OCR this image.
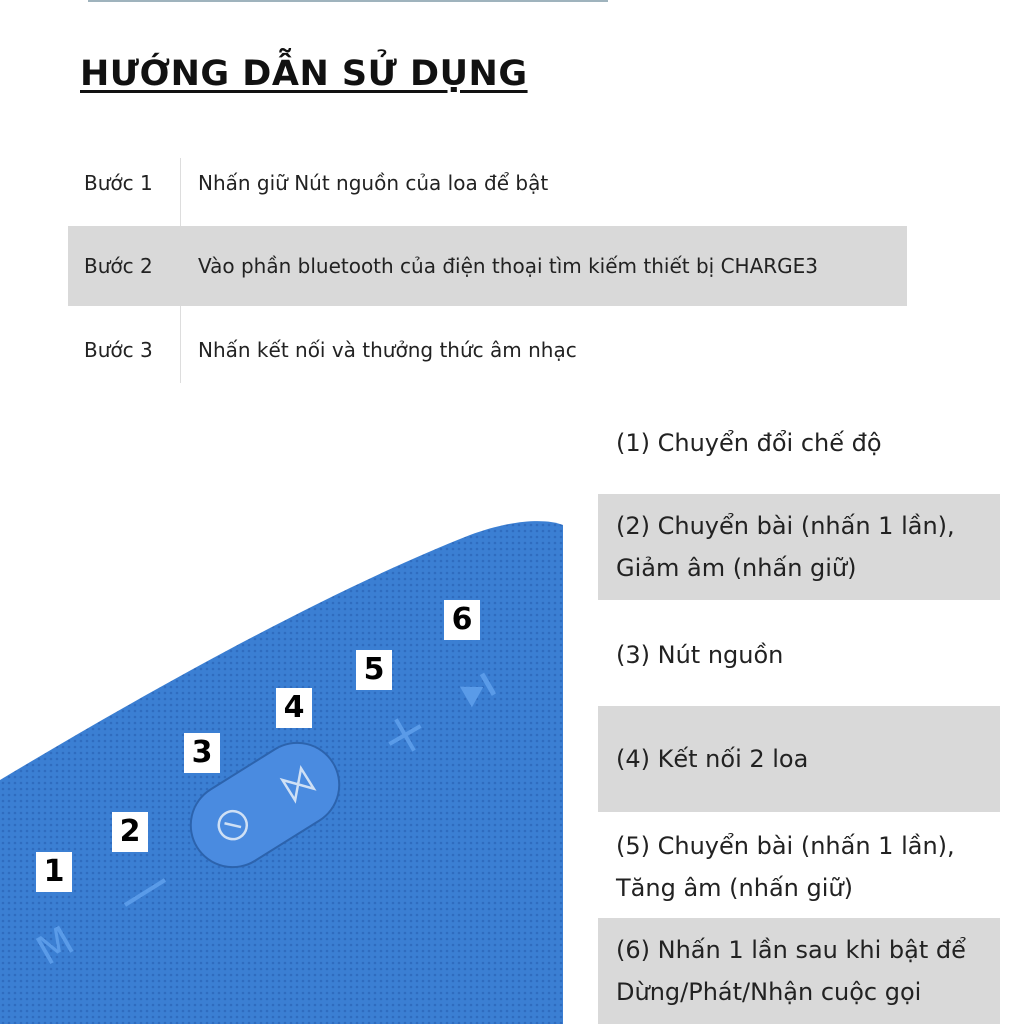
HƯỚNG DẪN SỬ DỤNG
Bước 1 Nhấn giữ Nút nguồn của loa để bật
Bước 2 Vào phần bluetooth của điện thoại tìm kiếm thiết bị CHARGE3
Bước 3 Nhấn kết nối và thưởng thức âm nhạc
M
1
2
3
4
5
6
(1) Chuyển đổi chế độ
(2) Chuyển bài (nhấn 1 lần),
Giảm âm (nhấn giữ)
(3) Nút nguồn
(4) Kết nối 2 loa
(5) Chuyển bài (nhấn 1 lần),
Tăng âm (nhấn giữ)
(6) Nhấn 1 lần sau khi bật để
Dừng/Phát/Nhận cuộc gọi
